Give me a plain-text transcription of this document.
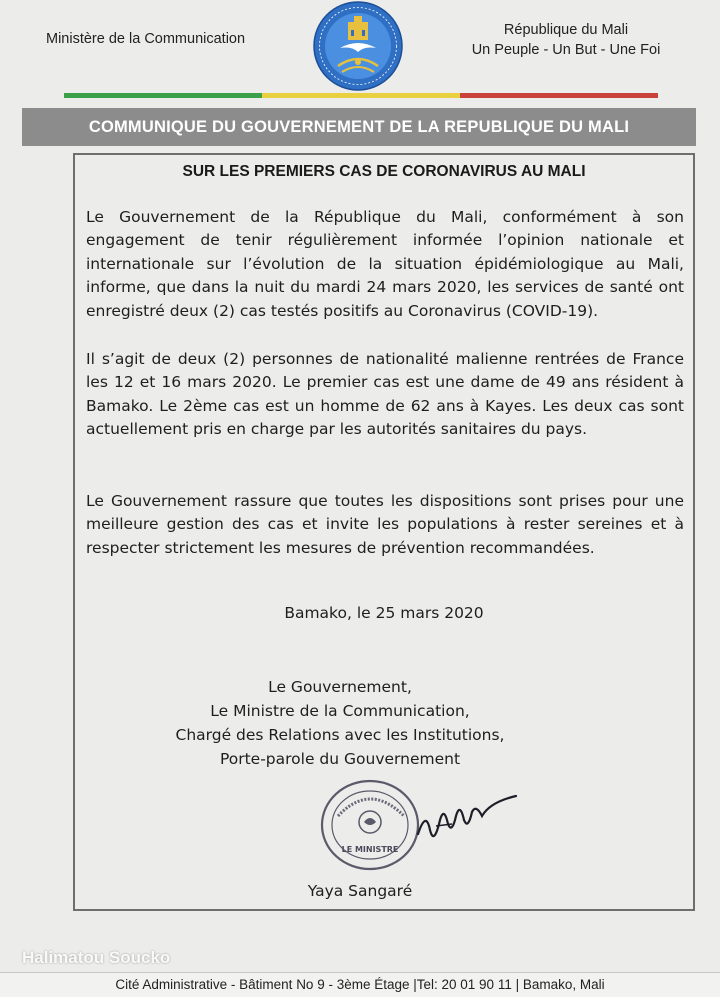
Ministère de la Communication
République du Mali
Un Peuple - Un But - Une Foi
COMMUNIQUE DU GOUVERNEMENT DE LA REPUBLIQUE DU MALI
SUR LES PREMIERS CAS DE CORONAVIRUS AU MALI
Le Gouvernement de la République du Mali, conformément à son engagement de tenir régulièrement informée l’opinion nationale et internationale sur l’évolution de la situation épidémiologique au Mali, informe, que dans la nuit du mardi 24 mars 2020, les services de santé ont enregistré deux (2) cas testés positifs au Coronavirus (COVID-19).
Il s’agit de deux (2) personnes de nationalité malienne rentrées de France les 12 et 16 mars 2020. Le premier cas est une dame de 49 ans résident à Bamako. Le 2ème cas est un homme de 62 ans à Kayes. Les deux cas sont actuellement pris en charge par les autorités sanitaires du pays.
Le Gouvernement rassure que toutes les dispositions sont prises pour une meilleure gestion des cas et invite les populations à rester sereines et à respecter strictement les mesures de prévention recommandées.
Bamako, le 25 mars 2020
Le Gouvernement,
Le Ministre de la Communication,
Chargé des Relations avec les Institutions,
Porte-parole du Gouvernement
LE MINISTRE
Yaya Sangaré
Halimatou Soucko
Cité Administrative - Bâtiment No 9 - 3ème Étage |Tel: 20 01 90 11 | Bamako, Mali
